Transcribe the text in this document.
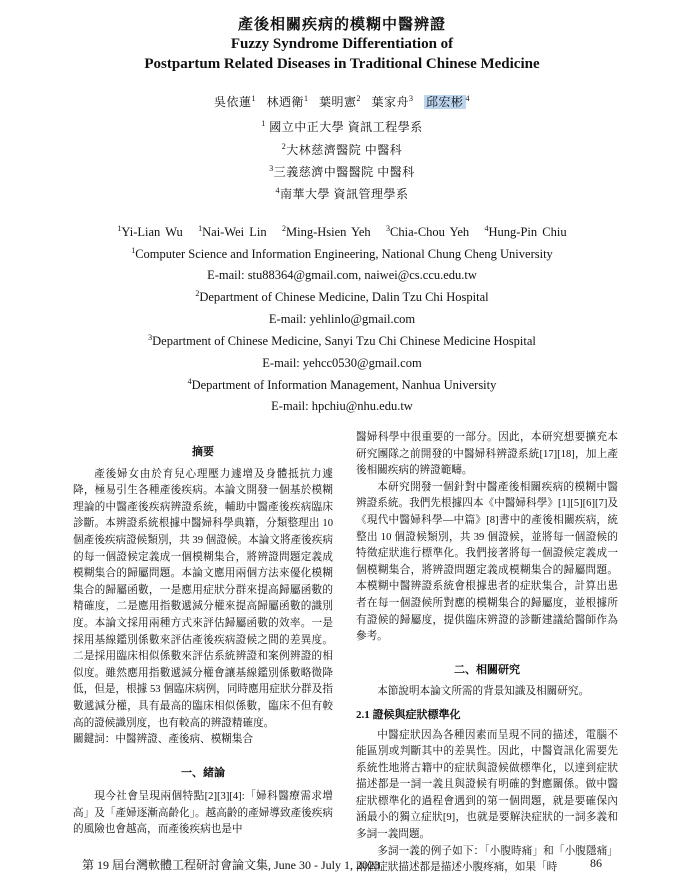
產後相關疾病的模糊中醫辨證
Fuzzy Syndrome Differentiation of
Postpartum Related Diseases in Traditional Chinese Medicine
吳依蓮$^1$ 林迺衛$^1$ 葉明憲$^2$ 葉家舟$^3$ 邱宏彬 $^4$
$^1$ 國立中正大學 資訊工程學系
$^2$大林慈濟醫院 中醫科
$^3$三義慈濟中醫醫院 中醫科
$^4$南華大學 資訊管理學系
$^1$Yi-Lian Wu $^1$Nai-Wei Lin $^2$Ming-Hsien Yeh $^3$Chia-Chou Yeh $^4$Hung-Pin Chiu
$^1$Computer Science and Information Engineering, National Chung Cheng University
E-mail: stu88364@gmail.com, naiwei@cs.ccu.edu.tw
$^2$Department of Chinese Medicine, Dalin Tzu Chi Hospital
E-mail: yehlinlo@gmail.com
$^3$Department of Chinese Medicine, Sanyi Tzu Chi Chinese Medicine Hospital
E-mail: yehcc0530@gmail.com
$^4$Department of Information Management, Nanhua University
E-mail: hpchiu@nhu.edu.tw

摘要

產後婦女由於育兒心理壓力遽增及身體抵抗力遽降，極易引生各種產後疾病。本論文開發一個基於模糊理論的中醫產後疾病辨證系統，輔助中醫產後疾病臨床診斷。本辨證系統根據中醫婦科學典籍，分類整理出 10 個產後疾病證候類別，共 39 個證候。本論文將產後疾病的每一個證候定義成一個模糊集合，將辨證問題定義成模糊集合的歸屬問題。本論文應用兩個方法來優化模糊集合的歸屬函數，一是應用症狀分群來提高歸屬函數的精確度，二是應用指數遞減分權來提高歸屬函數的識別度。本論文採用兩種方式來評估歸屬函數的效率。一是採用基線鑑別係數來評估產後疾病證候之間的差異度。二是採用臨床相似係數來評估系統辨證和案例辨證的相似度。雖然應用指數遞減分權會讓基線鑑別係數略微降低，但是，根據 53 個臨床病例，同時應用症狀分群及指數遞減分權，具有最高的臨床相似係數，臨床不但有較高的證候識別度，也有較高的辨證精確度。

關鍵詞：中醫辨證、產後病、模糊集合

一、緒論

現今社會呈現兩個特點[2][3][4]:「婦科醫療需求增高」及「產婦逐漸高齡化」。越高齡的產婦導致產後疾病的風險也會越高，而產後疾病也是中

醫婦科學中很重要的一部分。因此，本研究想要擴充本研究團隊之前開發的中醫婦科辨證系統[17][18]，加上產後相關疾病的辨證範疇。

本研究開發一個針對中醫產後相關疾病的模糊中醫辨證系統。我們先根據四本《中醫婦科學》[1][5][6][7]及《現代中醫婦科學—中篇》[8]書中的產後相關疾病，統整出 10 個證候類別，共 39 個證候，並將每一個證候的特徵症狀進行標準化。我們接著將每一個證候定義成一個模糊集合，將辨證問題定義成模糊集合的歸屬問題。本模糊中醫辨證系統會根據患者的症狀集合，計算出患者在每一個證候所對應的模糊集合的歸屬度，並根據所有證候的歸屬度，提供臨床辨證的診斷建議給醫師作為參考。

二、相關研究

本節說明本論文所需的背景知識及相關研究。

2.1 證候與症狀標準化

中醫症狀因為各種因素而呈現不同的描述，電腦不能區別或判斷其中的差異性。因此，中醫資訊化需要先系統性地將古籍中的症狀與證候做標準化，以達到症狀描述都是一詞一義且與證候有明確的對應關係。做中醫症狀標準化的過程會遇到的第一個問題，就是要確保內涵最小的獨立症狀[9]，也就是要解決症狀的一詞多義和多詞一義問題。

多詞一義的例子如下：「小腹時痛」和「小腹隱痛」兩個症狀描述都是描述小腹疼痛，如果「時

第 19 屆台灣軟體工程研討會論文集, June 30 - July 1, 2023	86
